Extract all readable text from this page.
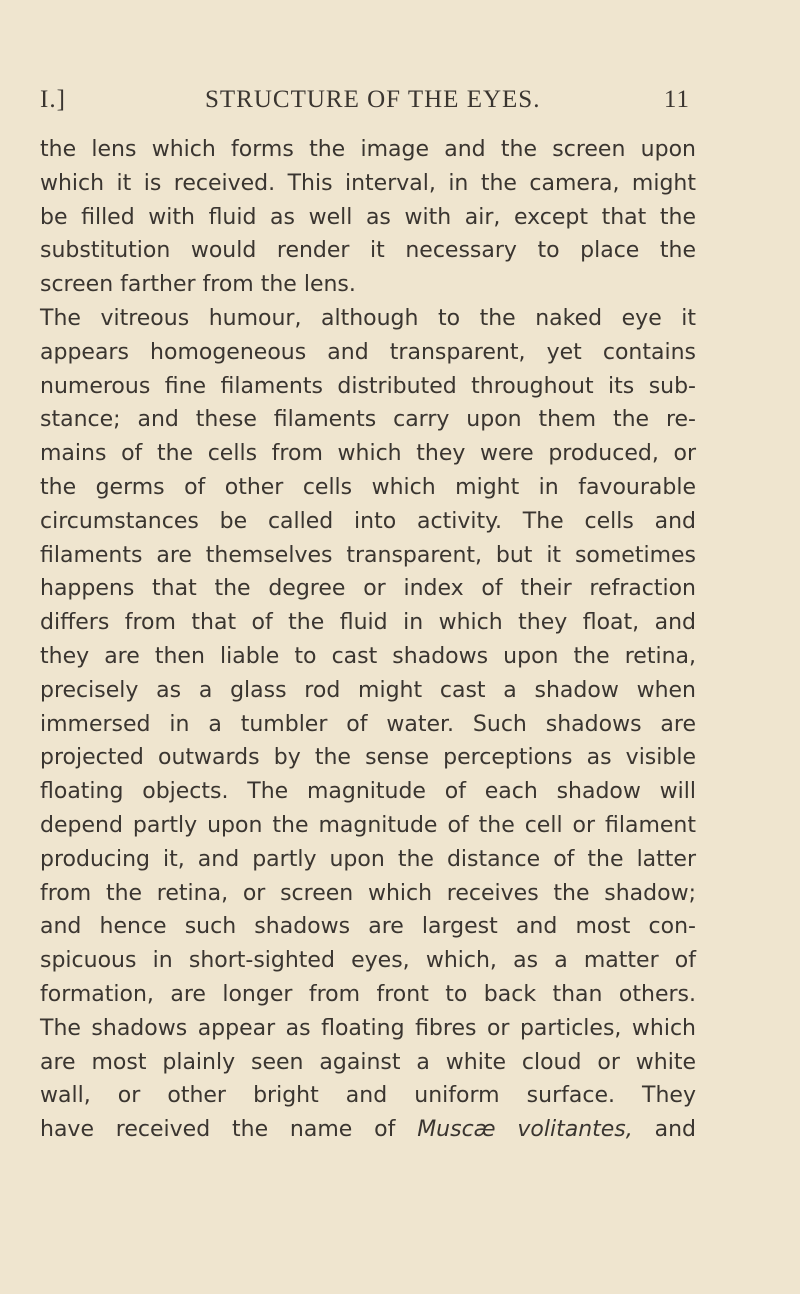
I.]	STRUCTURE OF THE EYES.	11
the lens which forms the image and the screen upon
which it is received. This interval, in the camera, might
be filled with fluid as well as with air, except that the
substitution would render it necessary to place the
screen farther from the lens.
The vitreous humour, although to the naked eye it
appears homogeneous and transparent, yet contains
numerous fine filaments distributed throughout its sub-
stance; and these filaments carry upon them the re-
mains of the cells from which they were produced, or
the germs of other cells which might in favourable
circumstances be called into activity. The cells and
filaments are themselves transparent, but it sometimes
happens that the degree or index of their refraction
differs from that of the fluid in which they float, and
they are then liable to cast shadows upon the retina,
precisely as a glass rod might cast a shadow when
immersed in a tumbler of water. Such shadows are
projected outwards by the sense perceptions as visible
floating objects. The magnitude of each shadow will
depend partly upon the magnitude of the cell or filament
producing it, and partly upon the distance of the latter
from the retina, or screen which receives the shadow;
and hence such shadows are largest and most con-
spicuous in short-sighted eyes, which, as a matter of
formation, are longer from front to back than others.
The shadows appear as floating fibres or particles, which
are most plainly seen against a white cloud or white
wall, or other bright and uniform surface. They
have received the name of Muscæ volitantes, and
